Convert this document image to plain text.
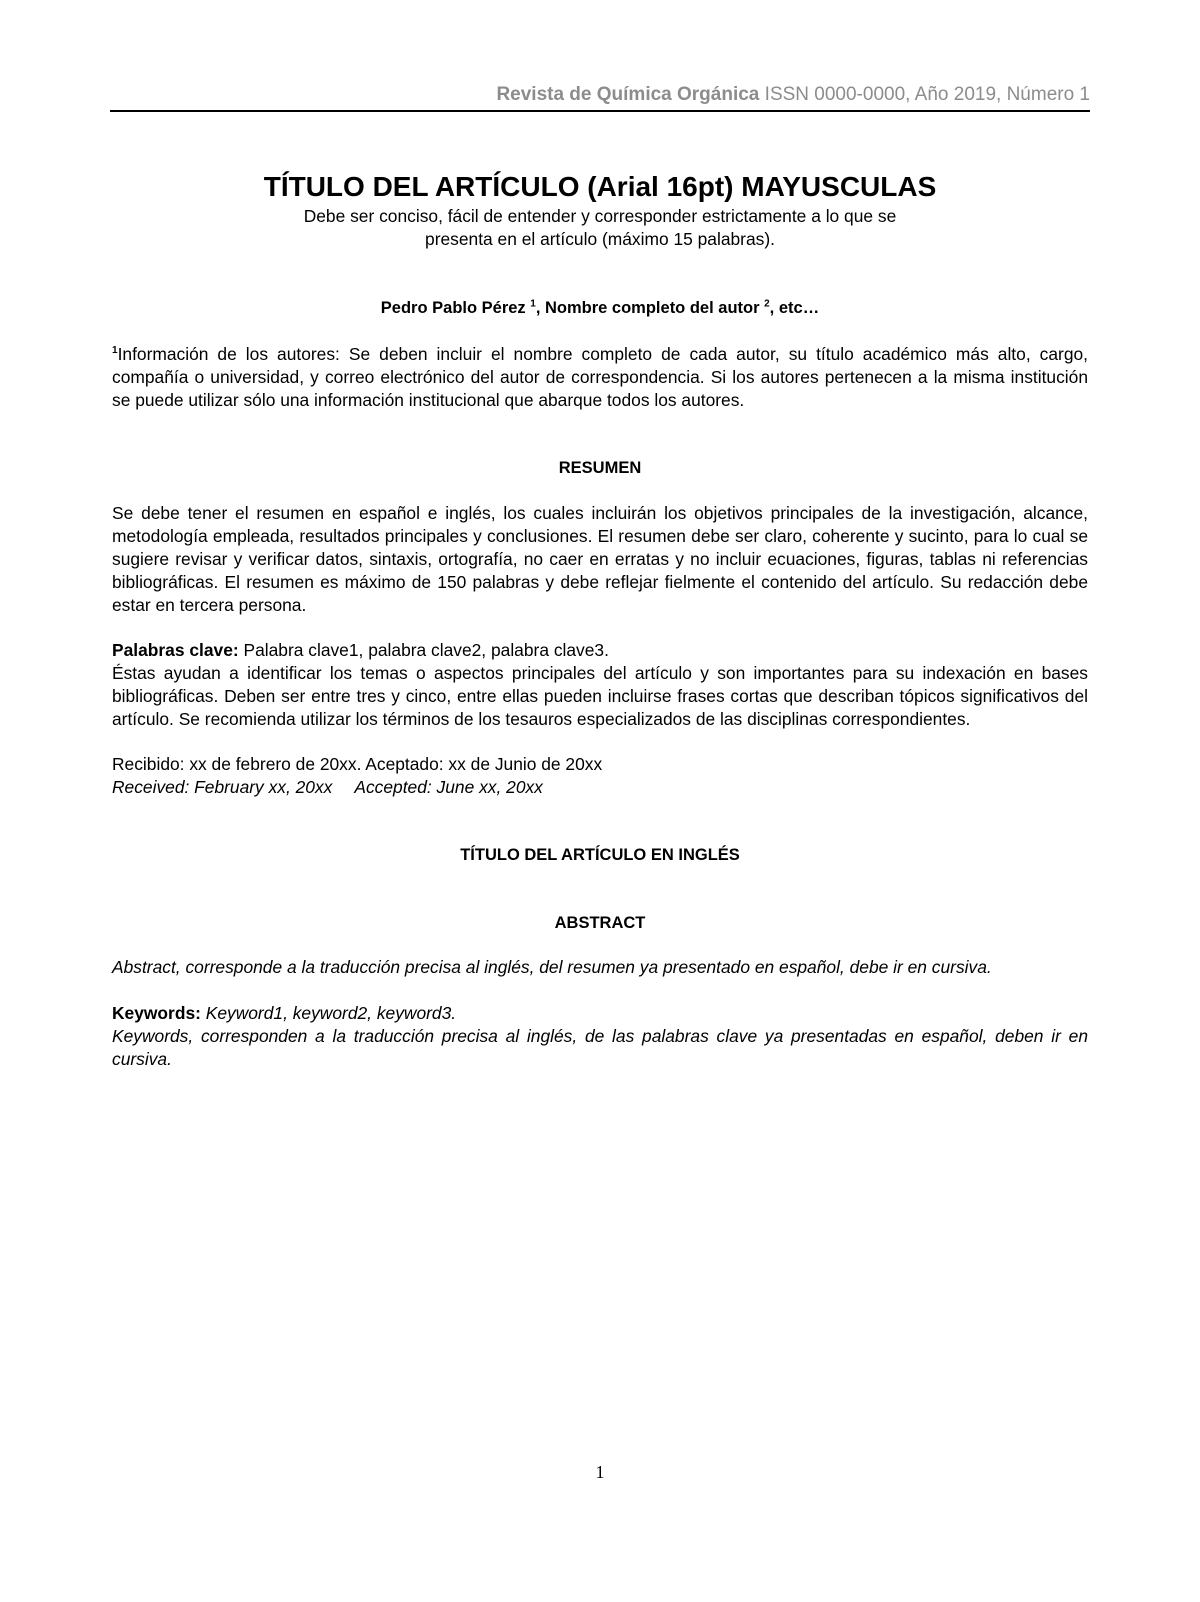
Revista de Química Orgánica ISSN 0000-0000, Año 2019, Número 1
TÍTULO DEL ARTÍCULO (Arial 16pt) MAYUSCULAS

Debe ser conciso, fácil de entender y corresponder estrictamente a lo que se
presenta en el artículo (máximo 15 palabras).

Pedro Pablo Pérez $^1$, Nombre completo del autor $^2$, etc…

$^1$Información de los autores: Se deben incluir el nombre completo de cada autor, su título académico más alto, cargo, compañía o universidad, y correo electrónico del autor de correspondencia. Si los autores pertenecen a la misma institución se puede utilizar sólo una información institucional que abarque todos los autores.

RESUMEN

Se debe tener el resumen en español e inglés, los cuales incluirán los objetivos principales de la investigación, alcance, metodología empleada, resultados principales y conclusiones. El resumen debe ser claro, coherente y sucinto, para lo cual se sugiere revisar y verificar datos, sintaxis, ortografía, no caer en erratas y no incluir ecuaciones, figuras, tablas ni referencias bibliográficas. El resumen es máximo de 150 palabras y debe reflejar fielmente el contenido del artículo. Su redacción debe estar en tercera persona.

Palabras clave: Palabra clave1, palabra clave2, palabra clave3.

Éstas ayudan a identificar los temas o aspectos principales del artículo y son importantes para su indexación en bases bibliográficas. Deben ser entre tres y cinco, entre ellas pueden incluirse frases cortas que describan tópicos significativos del artículo. Se recomienda utilizar los términos de los tesauros especializados de las disciplinas correspondientes.

Recibido: xx de febrero de 20xx. Aceptado: xx de Junio de 20xx

Received: February xx, 20xx Accepted: June xx, 20xx

TÍTULO DEL ARTÍCULO EN INGLÉS
ABSTRACT

Abstract, corresponde a la traducción precisa al inglés, del resumen ya presentado en español, debe ir en cursiva.

Keywords: Keyword1, keyword2, keyword3.

Keywords, corresponden a la traducción precisa al inglés, de las palabras clave ya presentadas en español, deben ir en cursiva.

1
